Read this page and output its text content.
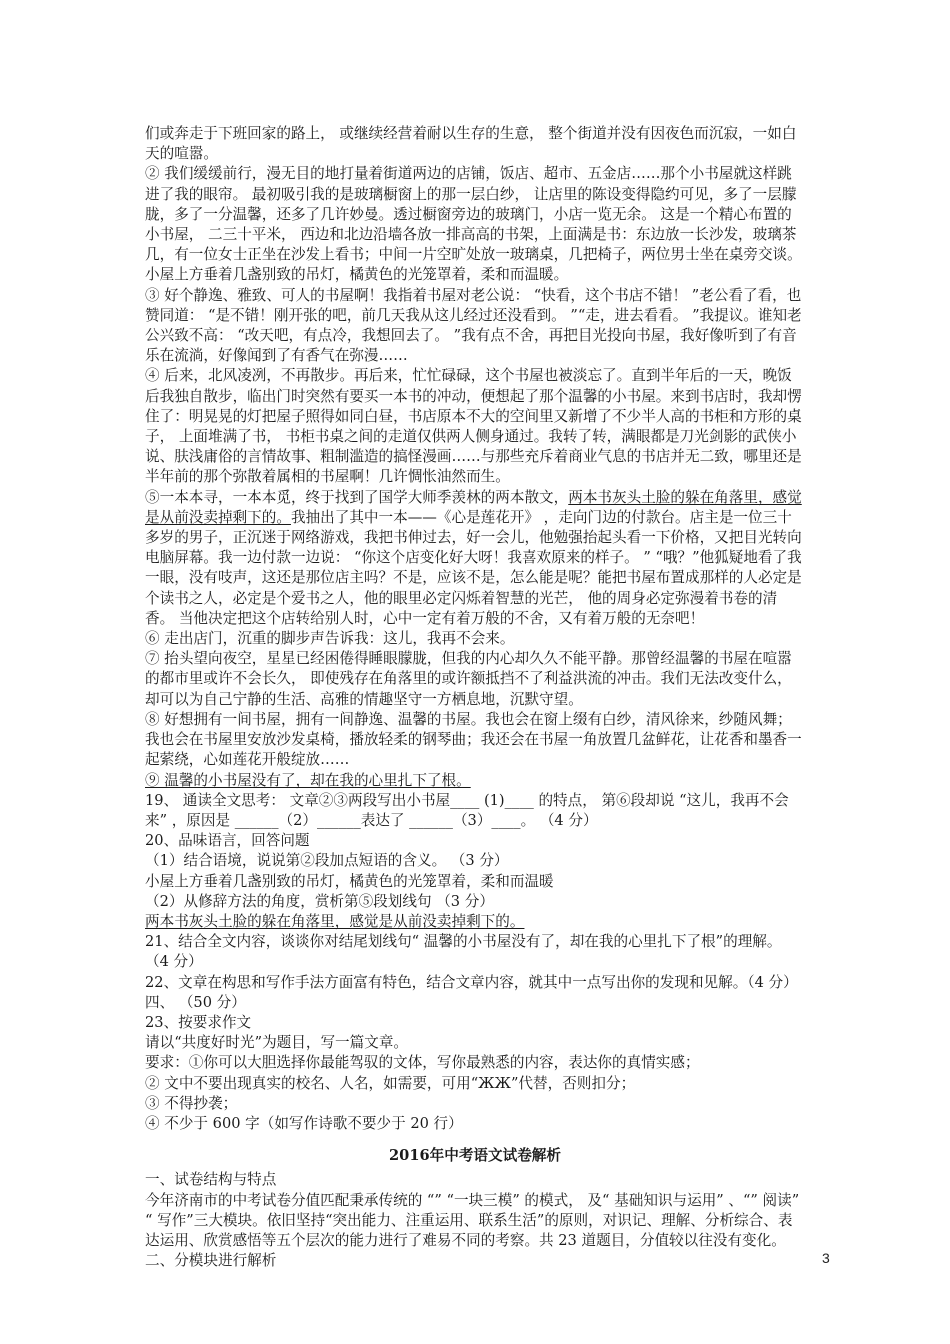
们或奔走于下班回家的路上， 或继续经营着耐以生存的生意， 整个街道并没有因夜色而沉寂，一如白天的喧嚣。

② 我们缓缓前行，漫无目的地打量着街道两边的店铺，饭店、超市、五金店……那个小书屋就这样跳进了我的眼帘。 最初吸引我的是玻璃橱窗上的那一层白纱， 让店里的陈设变得隐约可见，多了一层朦胧，多了一分温馨，还多了几许妙曼。透过橱窗旁边的玻璃门，小店一览无余。 这是一个精心布置的小书屋， 二三十平米， 西边和北边沿墙各放一排高高的书架，上面满是书：东边放一长沙发，玻璃茶几，有一位女士正坐在沙发上看书；中间一片空旷处放一玻璃桌，几把椅子，两位男士坐在桌旁交谈。小屋上方垂着几盏别致的吊灯，橘黄色的光笼罩着，柔和而温暖。

③ 好个静逸、雅致、可人的书屋啊！我指着书屋对老公说： “快看，这个书店不错！ ”老公看了看，也赞同道： “是不错！刚开张的吧，前几天我从这儿经过还没看到。 ”“走，进去看看。 ”我提议。谁知老公兴致不高： “改天吧，有点冷，我想回去了。 ”我有点不舍，再把目光投向书屋，我好像听到了有音乐在流淌，好像闻到了有香气在弥漫……

④ 后来，北风凌冽，不再散步。再后来，忙忙碌碌，这个书屋也被淡忘了。直到半年后的一天，晚饭后我独自散步，临出门时突然有要买一本书的冲动，便想起了那个温馨的小书屋。来到书店时，我却愣住了：明晃晃的灯把屋子照得如同白昼，书店原本不大的空间里又新增了不少半人高的书柜和方形的桌子， 上面堆满了书， 书柜书桌之间的走道仅供两人侧身通过。我转了转，满眼都是刀光剑影的武侠小说、肤浅庸俗的言情故事、粗制滥造的搞怪漫画……与那些充斥着商业气息的书店并无二致，哪里还是半年前的那个弥散着属相的书屋啊！几许惆怅油然而生。

⑤一本本寻，一本本觅，终于找到了国学大师季羡林的两本散文，两本书灰头土脸的躲在角落里，感觉是从前没卖掉剩下的。我抽出了其中一本——《心是莲花开》 ，走向门边的付款台。店主是一位三十多岁的男子，正沉迷于网络游戏，我把书伸过去，好一会儿，他勉强抬起头看一下价格，又把目光转向电脑屏幕。我一边付款一边说： “你这个店变化好大呀！我喜欢原来的样子。 ” “哦？”他狐疑地看了我一眼，没有吱声，这还是那位店主吗？不是，应该不是，怎么能是呢？能把书屋布置成那样的人必定是个读书之人，必定是个爱书之人，他的眼里必定闪烁着智慧的光芒， 他的周身必定弥漫着书卷的清香。 当他决定把这个店转给别人时，心中一定有着万般的不舍，又有着万般的无奈吧！

⑥ 走出店门，沉重的脚步声告诉我：这儿，我再不会来。

⑦ 抬头望向夜空，星星已经困倦得睡眼朦胧，但我的内心却久久不能平静。那曾经温馨的书屋在喧嚣的都市里或许不会长久， 即使残存在角落里的或许额抵挡不了利益洪流的冲击。我们无法改变什么，却可以为自己宁静的生活、高雅的情趣坚守一方栖息地，沉默守望。

⑧ 好想拥有一间书屋，拥有一间静逸、温馨的书屋。我也会在窗上缀有白纱，清风徐来，纱随风舞；我也会在书屋里安放沙发桌椅，播放轻柔的钢琴曲；我还会在书屋一角放置几盆鲜花，让花香和墨香一起萦绕，心如莲花开般绽放……

⑨ 温馨的小书屋没有了，却在我的心里扎下了根。

19、 通读全文思考： 文章②③两段写出小书屋____ (1)____ 的特点， 第⑥段却说 “这儿，我再不会来” ，原因是 ______（2）______表达了 ______（3）____。 （4 分）

20、品味语言，回答问题

（1）结合语境，说说第②段加点短语的含义。 （3 分）

小屋上方垂着几盏别致的吊灯，橘黄色的光笼罩着，柔和而温暖

（2）从修辞方法的角度，赏析第⑤段划线句 （3 分）

两本书灰头土脸的躲在角落里，感觉是从前没卖掉剩下的。

21、结合全文内容，谈谈你对结尾划线句“ 温馨的小书屋没有了，却在我的心里扎下了根”的理解。 （4 分）

22、文章在构思和写作手法方面富有特色，结合文章内容，就其中一点写出你的发现和见解。（4 分）

四、 （50 分）

23、按要求作文

请以“共度好时光”为题目，写一篇文章。

要求：①你可以大胆选择你最能驾驭的文体，写你最熟悉的内容，表达你的真情实感；

② 文中不要出现真实的校名、人名，如需要，可用“ЖЖ”代替，否则扣分；

③ 不得抄袭；

④ 不少于 600 字（如写作诗歌不要少于 20 行）

2016年中考语文试卷解析

一、试卷结构与特点

今年济南市的中考试卷分值匹配秉承传统的 “” “一块三模” 的模式， 及“ 基础知识与运用” 、“” 阅读” “ 写作”三大模块。依旧坚持“突出能力、注重运用、联系生活”的原则，对识记、理解、分析综合、表达运用、欣赏感悟等五个层次的能力进行了难易不同的考察。共 23 道题目，分值较以往没有变化。

二、分模块进行解析	3
